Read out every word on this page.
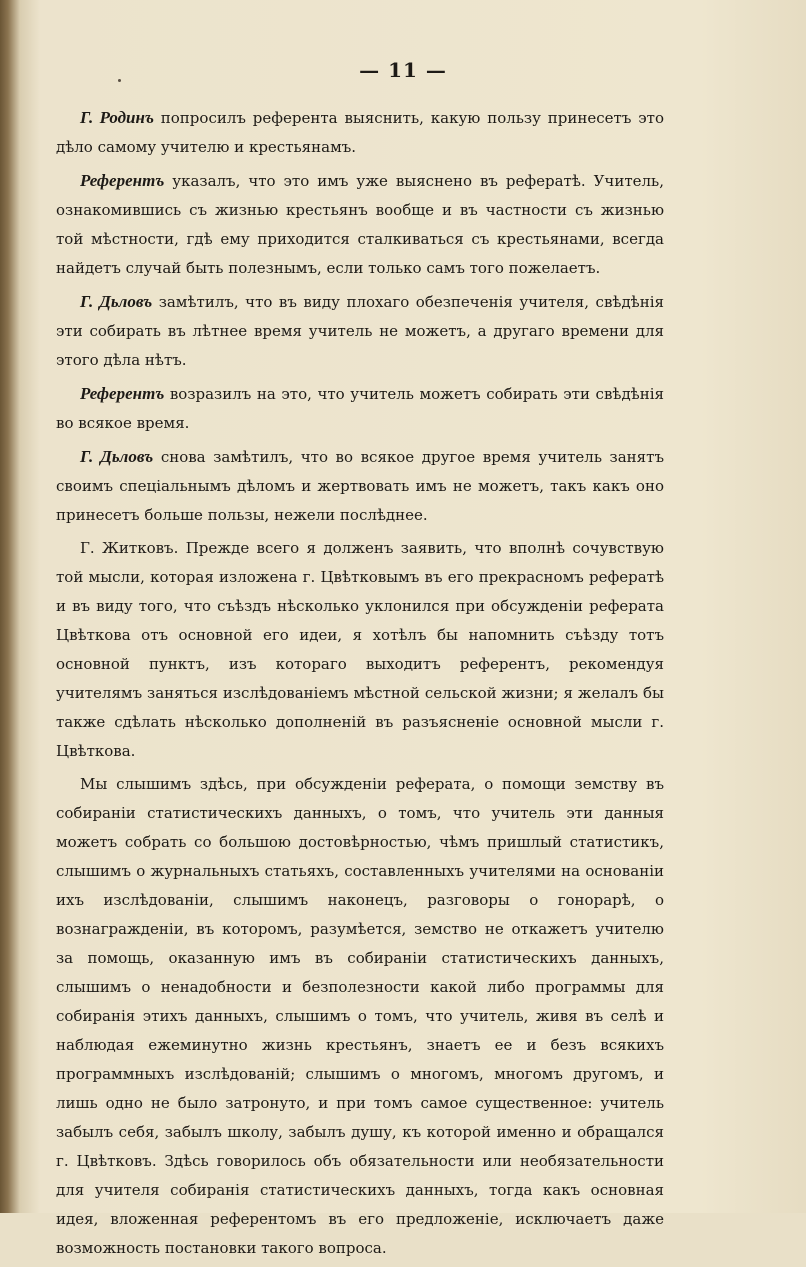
— 11 —

Г. Родинъ попросилъ референта выяснить, какую пользу принесетъ это дѣло самому учителю и крестьянамъ.

Референтъ указалъ, что это имъ уже выяснено въ рефератѣ. Учитель, ознакомившись съ жизнью крестьянъ вообще и въ частности съ жизнью той мѣстности, гдѣ ему приходится сталкиваться съ крестьянами, всегда найдетъ случай быть полезнымъ, если только самъ того пожелаетъ.

Г. Дьловъ замѣтилъ, что въ виду плохаго обезпеченія учителя, свѣдѣнія эти собирать въ лѣтнее время учитель не можетъ, а другаго времени для этого дѣла нѣтъ.

Референтъ возразилъ на это, что учитель можетъ собирать эти свѣдѣнія во всякое время.

Г. Дьловъ снова замѣтилъ, что во всякое другое время учитель занятъ своимъ спеціальнымъ дѣломъ и жертвовать имъ не можетъ, такъ какъ оно принесетъ больше пользы, нежели послѣднее.

Г. Житковъ. Прежде всего я долженъ заявить, что вполнѣ сочувствую той мысли, которая изложена г. Цвѣтковымъ въ его прекрасномъ рефератѣ и въ виду того, что съѣздъ нѣсколько уклонился при обсужденіи реферата Цвѣткова отъ основной его идеи, я хотѣлъ бы напомнить съѣзду тотъ основной пунктъ, изъ котораго выходитъ референтъ, рекомендуя учителямъ заняться изслѣдованіемъ мѣстной сельской жизни; я желалъ бы также сдѣлать нѣсколько дополненій въ разъясненіе основной мысли г. Цвѣткова.

Мы слышимъ здѣсь, при обсужденіи реферата, о помощи земству въ собираніи статистическихъ данныхъ, о томъ, что учитель эти данныя можетъ собрать со большою достовѣрностью, чѣмъ пришлый статистикъ, слышимъ о журнальныхъ статьяхъ, составленныхъ учителями на основаніи ихъ изслѣдованіи, слышимъ наконецъ, разговоры о гонорарѣ, о вознагражденіи, въ которомъ, разумѣется, земство не откажетъ учителю за помощь, оказанную имъ въ собираніи статистическихъ данныхъ, слышимъ о ненадобности и безполезности какой либо программы для собиранія этихъ данныхъ, слышимъ о томъ, что учитель, живя въ селѣ и наблюдая ежеминутно жизнь крестьянъ, знаетъ ее и безъ всякихъ программныхъ изслѣдованій; слышимъ о многомъ, многомъ другомъ, и лишь одно не было затронуто, и при томъ самое существенное: учитель забылъ себя, забылъ школу, забылъ душу, къ которой именно и обращался г. Цвѣтковъ. Здѣсь говорилось объ обязательности или необязательности для учителя собиранія статистическихъ данныхъ, тогда какъ основная идея, вложенная референтомъ въ его предложеніе, исключаетъ даже возможность постановки такого вопроса.
